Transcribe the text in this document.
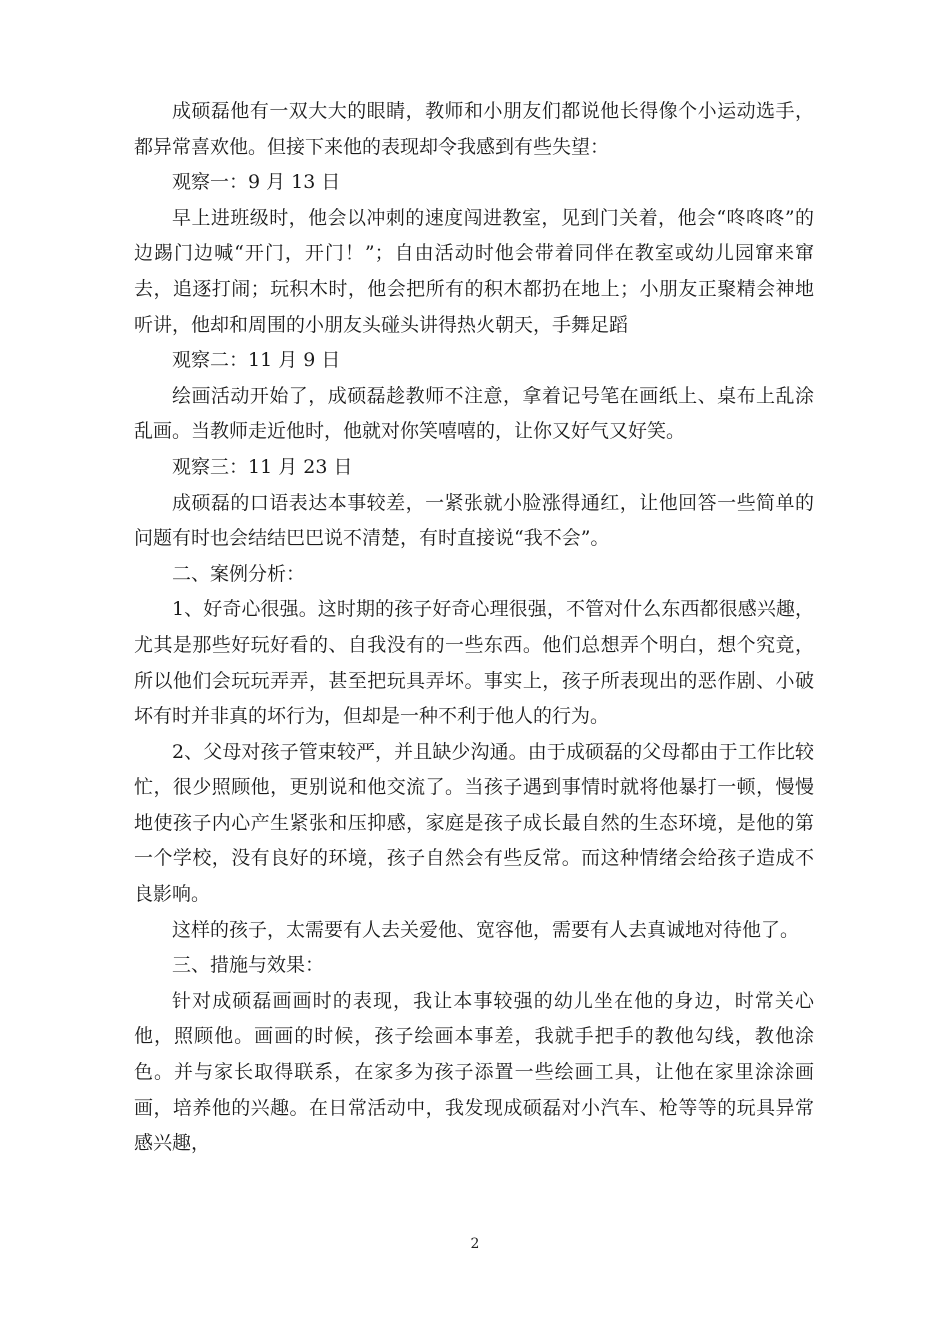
成硕磊他有一双大大的眼睛，教师和小朋友们都说他长得像个小运动选手，都异常喜欢他。但接下来他的表现却令我感到有些失望：

观察一：9 月 13 日

早上进班级时，他会以冲刺的速度闯进教室，见到门关着，他会“咚咚咚”的边踢门边喊“开门，开门！”；自由活动时他会带着同伴在教室或幼儿园窜来窜去，追逐打闹；玩积木时，他会把所有的积木都扔在地上；小朋友正聚精会神地听讲，他却和周围的小朋友头碰头讲得热火朝天，手舞足蹈

观察二：11 月 9 日

绘画活动开始了，成硕磊趁教师不注意，拿着记号笔在画纸上、桌布上乱涂乱画。当教师走近他时，他就对你笑嘻嘻的，让你又好气又好笑。

观察三：11 月 23 日

成硕磊的口语表达本事较差，一紧张就小脸涨得通红，让他回答一些简单的问题有时也会结结巴巴说不清楚，有时直接说“我不会”。

二、案例分析：

1、好奇心很强。这时期的孩子好奇心理很强，不管对什么东西都很感兴趣，尤其是那些好玩好看的、自我没有的一些东西。他们总想弄个明白，想个究竟，所以他们会玩玩弄弄，甚至把玩具弄坏。事实上，孩子所表现出的恶作剧、小破坏有时并非真的坏行为，但却是一种不利于他人的行为。

2、父母对孩子管束较严，并且缺少沟通。由于成硕磊的父母都由于工作比较忙，很少照顾他，更别说和他交流了。当孩子遇到事情时就将他暴打一顿，慢慢地使孩子内心产生紧张和压抑感，家庭是孩子成长最自然的生态环境，是他的第一个学校，没有良好的环境，孩子自然会有些反常。而这种情绪会给孩子造成不良影响。

这样的孩子，太需要有人去关爱他、宽容他，需要有人去真诚地对待他了。

三、措施与效果：

针对成硕磊画画时的表现，我让本事较强的幼儿坐在他的身边，时常关心他，照顾他。画画的时候，孩子绘画本事差，我就手把手的教他勾线，教他涂色。并与家长取得联系，在家多为孩子添置一些绘画工具，让他在家里涂涂画画，培养他的兴趣。在日常活动中，我发现成硕磊对小汽车、枪等等的玩具异常感兴趣，

2
